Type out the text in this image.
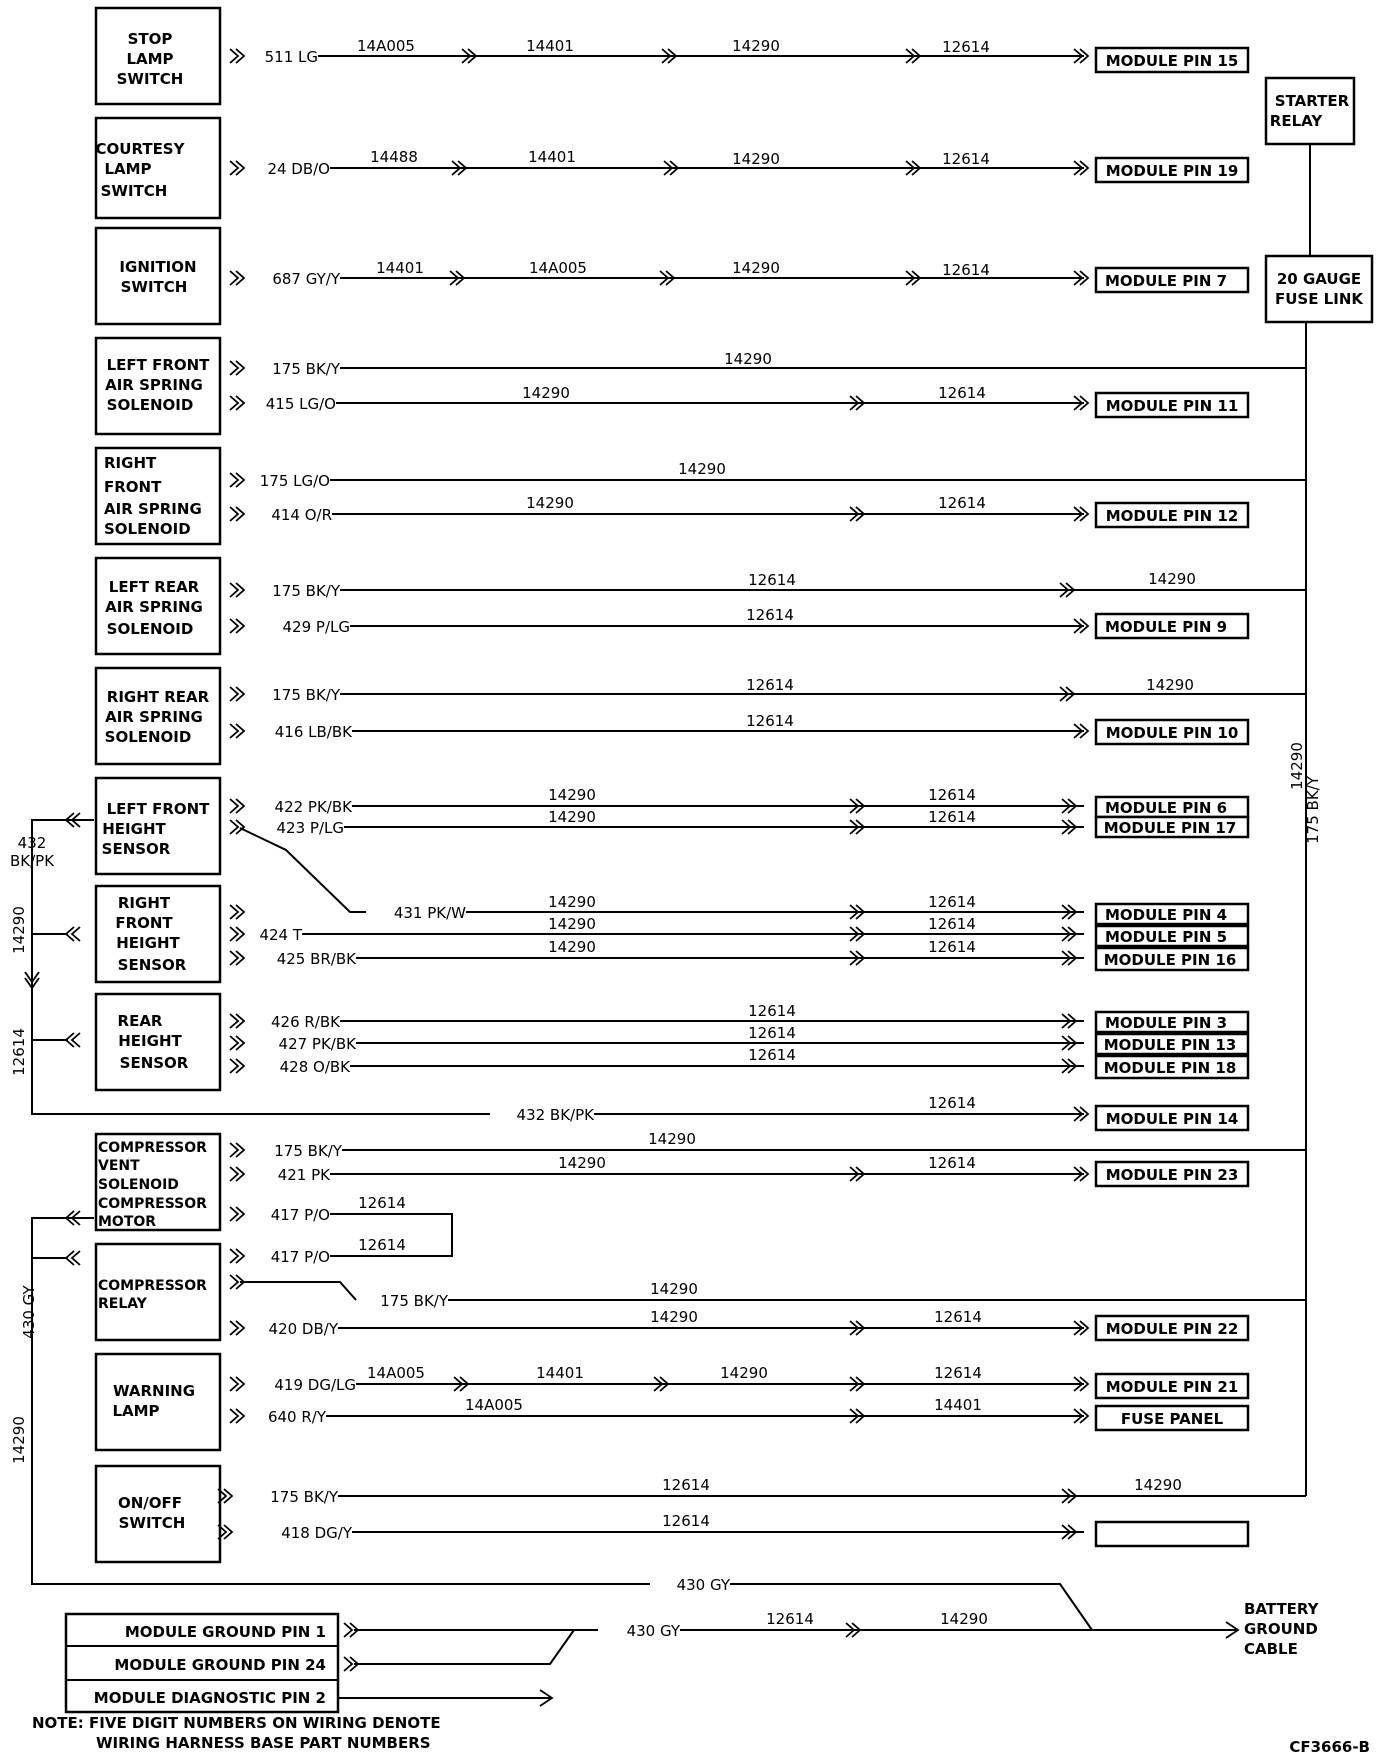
STOP
LAMP
SWITCH
COURTESY
LAMP
SWITCH
IGNITION
SWITCH
LEFT FRONT
AIR SPRING
SOLENOID
RIGHT
FRONT
AIR SPRING
SOLENOID
LEFT REAR
AIR SPRING
SOLENOID
RIGHT REAR
AIR SPRING
SOLENOID
LEFT FRONT
HEIGHT
SENSOR
RIGHT
FRONT
HEIGHT
SENSOR
REAR
HEIGHT
SENSOR
COMPRESSOR
VENT
SOLENOID
COMPRESSOR
MOTOR
COMPRESSOR
RELAY
WARNING
LAMP
ON/OFF
SWITCH
STARTER
RELAY
20 GAUGE
FUSE LINK
MODULE GROUND PIN 1
MODULE GROUND PIN 24
MODULE DIAGNOSTIC PIN 2
BATTERY
GROUND
CABLE
MODULE PIN 15
MODULE PIN 19
MODULE PIN 7
MODULE PIN 11
MODULE PIN 12
MODULE PIN 9
MODULE PIN 10
MODULE PIN 6
MODULE PIN 17
MODULE PIN 4
MODULE PIN 5
MODULE PIN 16
MODULE PIN 3
MODULE PIN 13
MODULE PIN 18
MODULE PIN 14
MODULE PIN 23
MODULE PIN 22
MODULE PIN 21
FUSE PANEL
511 LG
24 DB/O
687 GY/Y
175 BK/Y
415 LG/O
175 LG/O
414 O/R
175 BK/Y
429 P/LG
175 BK/Y
416 LB/BK
422 PK/BK
423 P/LG
431 PK/W
424 T
425 BR/BK
426 R/BK
427 PK/BK
428 O/BK
432 BK/PK
432
BK/PK
175 BK/Y
421 PK
417 P/O
417 P/O
175 BK/Y
420 DB/Y
419 DG/LG
640 R/Y
175 BK/Y
418 DG/Y
430 GY
430 GY
430 GY
175 BK/Y
14A005	14401	14290	12614
14488	14401	14290	12614
14401	14A005	14290	12614
14290
14290	12614
14290
14290	12614
12614	14290
12614
12614	14290
12614
14290	12614
14290	12614
14290	12614
14290	12614
14290	12614
12614
12614
12614
12614
14290
12614
14290
14290	12614
12614
12614
14290
14290	12614
14A005	14401	14290	12614
14A005	14401
12614	14290
12614
14290
12614	14290
14290
NOTE: FIVE DIGIT NUMBERS ON WIRING DENOTE
WIRING HARNESS BASE PART NUMBERS	CF3666-B
